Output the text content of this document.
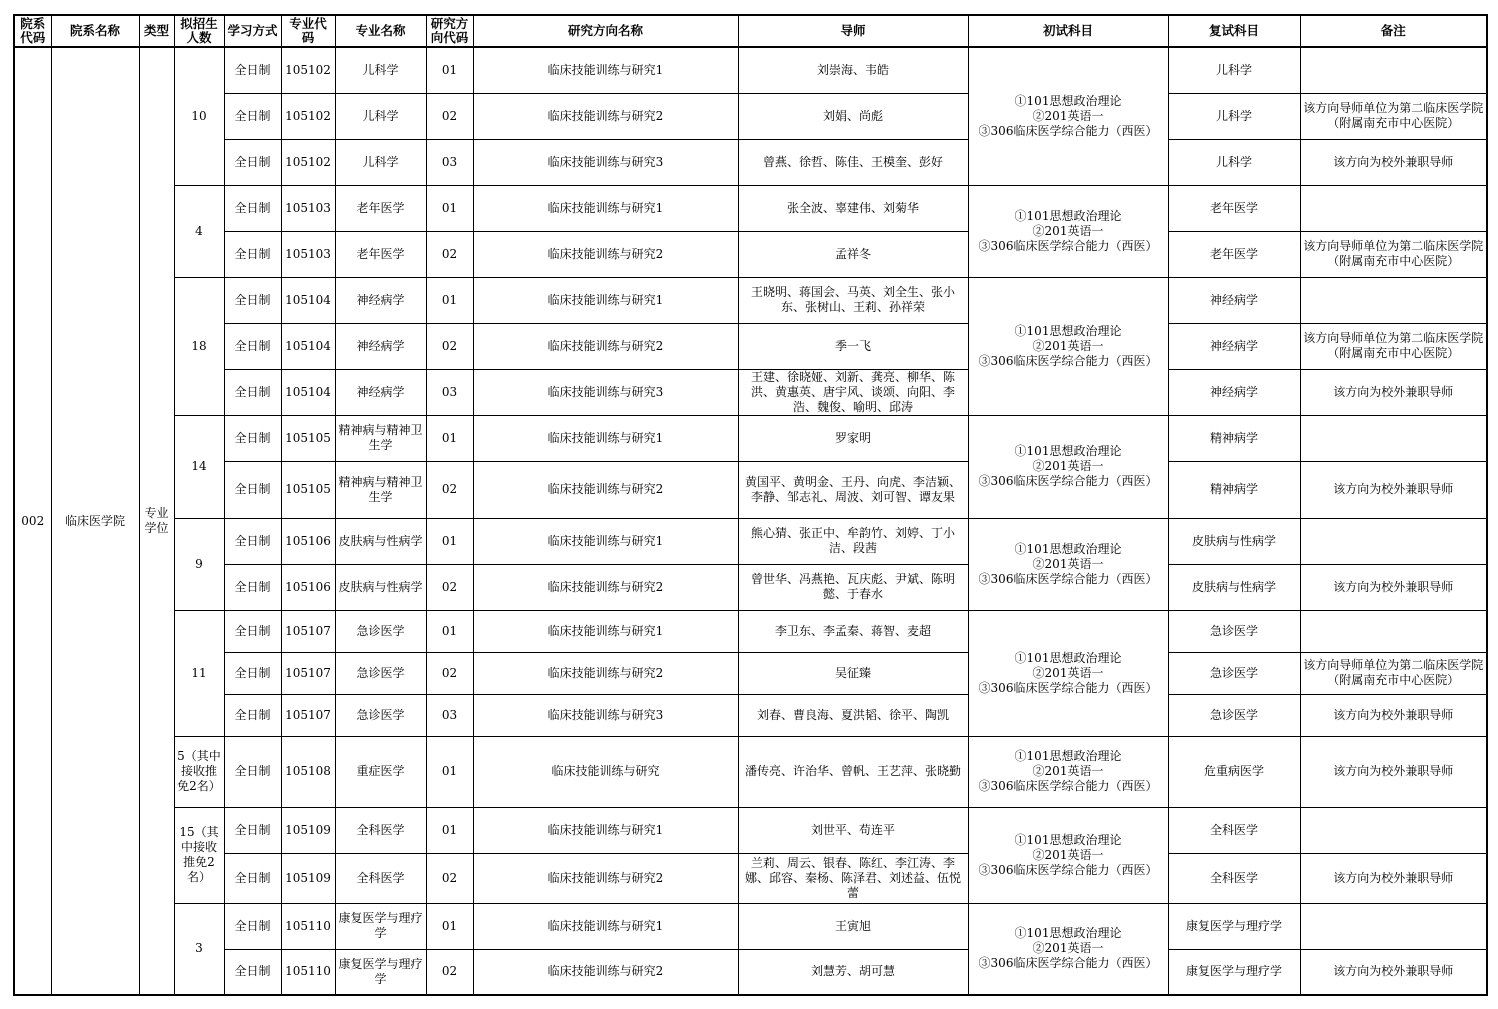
院系代码	院系名称	类型	拟招生人数	学习方式	专业代码	专业名称	研究方向代码	研究方向名称	导师	初试科目	复试科目	备注
002	临床医学院	专业学位	10	全日制	105102	儿科学	01	临床技能训练与研究1	刘崇海、韦皓	①101思想政治理论
②201英语一
③306临床医学综合能力（西医）	儿科学	
				全日制	105102	儿科学	02	临床技能训练与研究2	刘娟、尚彪		儿科学	该方向导师单位为第二临床医学院（附属南充市中心医院）
				全日制	105102	儿科学	03	临床技能训练与研究3	曾燕、徐哲、陈佳、王模奎、彭好		儿科学	该方向为校外兼职导师
			4	全日制	105103	老年医学	01	临床技能训练与研究1	张全波、辜建伟、刘菊华	①101思想政治理论
②201英语一
③306临床医学综合能力（西医）	老年医学	
				全日制	105103	老年医学	02	临床技能训练与研究2	孟祥冬		老年医学	该方向导师单位为第二临床医学院（附属南充市中心医院）
			18	全日制	105104	神经病学	01	临床技能训练与研究1	王晓明、蒋国会、马英、刘全生、张小东、张树山、王莉、孙祥荣	①101思想政治理论
②201英语一
③306临床医学综合能力（西医）	神经病学	
				全日制	105104	神经病学	02	临床技能训练与研究2	季一飞		神经病学	该方向导师单位为第二临床医学院（附属南充市中心医院）
				全日制	105104	神经病学	03	临床技能训练与研究3	王建、徐晓娅、刘新、龚亮、柳华、陈洪、黄惠英、唐宇风、谈颂、向阳、李浩、魏俊、喻明、邱涛		神经病学	该方向为校外兼职导师
			14	全日制	105105	精神病与精神卫生学	01	临床技能训练与研究1	罗家明	①101思想政治理论
②201英语一
③306临床医学综合能力（西医）	精神病学	
				全日制	105105	精神病与精神卫生学	02	临床技能训练与研究2	黄国平、黄明金、王丹、向虎、李洁颖、李静、邹志礼、周波、刘可智、谭友果		精神病学	该方向为校外兼职导师
			9	全日制	105106	皮肤病与性病学	01	临床技能训练与研究1	熊心猜、张正中、牟韵竹、刘婷、丁小洁、段茜	①101思想政治理论
②201英语一
③306临床医学综合能力（西医）	皮肤病与性病学	
				全日制	105106	皮肤病与性病学	02	临床技能训练与研究2	曾世华、冯燕艳、瓦庆彪、尹斌、陈明懿、于春水		皮肤病与性病学	该方向为校外兼职导师
			11	全日制	105107	急诊医学	01	临床技能训练与研究1	李卫东、李孟秦、蒋智、麦超	①101思想政治理论
②201英语一
③306临床医学综合能力（西医）	急诊医学	
				全日制	105107	急诊医学	02	临床技能训练与研究2	吴征臻		急诊医学	该方向导师单位为第二临床医学院（附属南充市中心医院）
				全日制	105107	急诊医学	03	临床技能训练与研究3	刘春、曹良海、夏洪韬、徐平、陶凯		急诊医学	该方向为校外兼职导师
			5（其中接收推免2名）	全日制	105108	重症医学	01	临床技能训练与研究	潘传亮、许治华、曾帆、王艺萍、张晓勤	①101思想政治理论
②201英语一
③306临床医学综合能力（西医）	危重病医学	该方向为校外兼职导师
			15（其中接收推免2名）	全日制	105109	全科医学	01	临床技能训练与研究1	刘世平、苟连平	①101思想政治理论
②201英语一
③306临床医学综合能力（西医）	全科医学	
				全日制	105109	全科医学	02	临床技能训练与研究2	兰莉、周云、银春、陈红、李江涛、李娜、邱容、秦杨、陈泽君、刘述益、伍悦蕾		全科医学	该方向为校外兼职导师
			3	全日制	105110	康复医学与理疗学	01	临床技能训练与研究1	王寅旭	①101思想政治理论
②201英语一
③306临床医学综合能力（西医）	康复医学与理疗学	
				全日制	105110	康复医学与理疗学	02	临床技能训练与研究2	刘慧芳、胡可慧		康复医学与理疗学	该方向为校外兼职导师
